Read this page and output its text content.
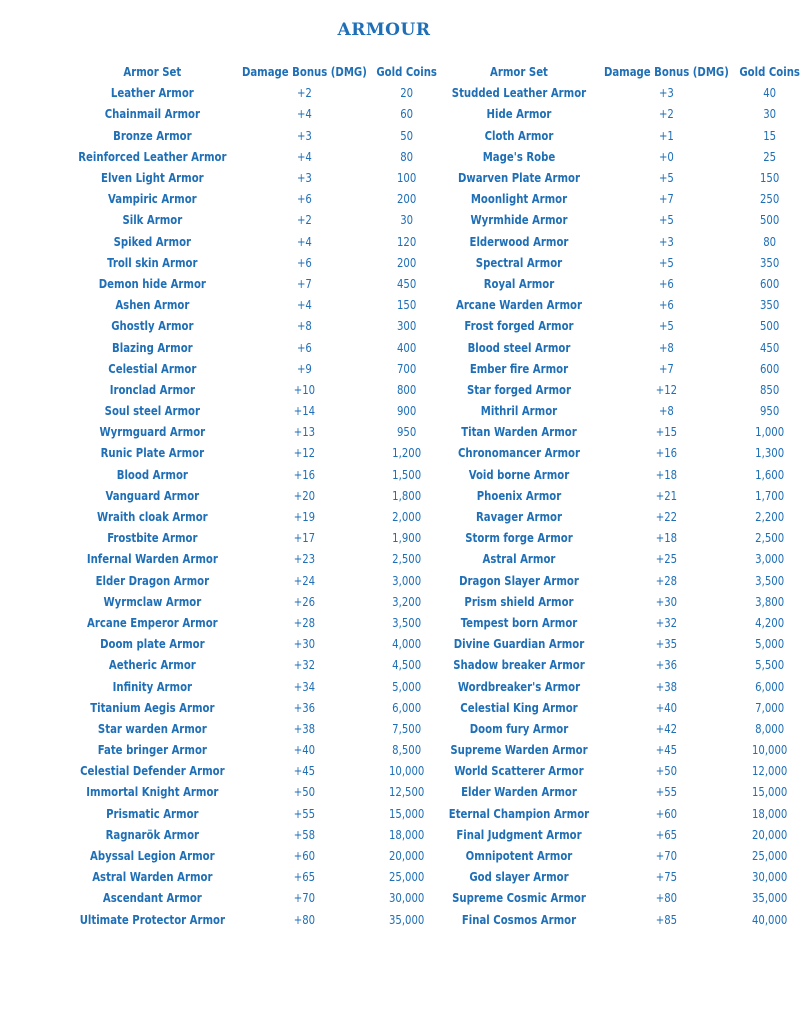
ARMOUR
Armor Set	Damage Bonus (DMG)	Gold Coins	Armor Set	Damage Bonus (DMG)	Gold Coins
Leather Armor	+2	20	Studded Leather Armor	+3	40
Chainmail Armor	+4	60	Hide Armor	+2	30
Bronze Armor	+3	50	Cloth Armor	+1	15
Reinforced Leather Armor	+4	80	Mage's Robe	+0	25
Elven Light Armor	+3	100	Dwarven Plate Armor	+5	150
Vampiric Armor	+6	200	Moonlight Armor	+7	250
Silk Armor	+2	30	Wyrmhide Armor	+5	500
Spiked Armor	+4	120	Elderwood Armor	+3	80
Troll skin Armor	+6	200	Spectral Armor	+5	350
Demon hide Armor	+7	450	Royal Armor	+6	600
Ashen Armor	+4	150	Arcane Warden Armor	+6	350
Ghostly Armor	+8	300	Frost forged Armor	+5	500
Blazing Armor	+6	400	Blood steel Armor	+8	450
Celestial Armor	+9	700	Ember fire Armor	+7	600
Ironclad Armor	+10	800	Star forged Armor	+12	850
Soul steel Armor	+14	900	Mithril Armor	+8	950
Wyrmguard Armor	+13	950	Titan Warden Armor	+15	1,000
Runic Plate Armor	+12	1,200	Chronomancer Armor	+16	1,300
Blood Armor	+16	1,500	Void borne Armor	+18	1,600
Vanguard Armor	+20	1,800	Phoenix Armor	+21	1,700
Wraith cloak Armor	+19	2,000	Ravager Armor	+22	2,200
Frostbite Armor	+17	1,900	Storm forge Armor	+18	2,500
Infernal Warden Armor	+23	2,500	Astral Armor	+25	3,000
Elder Dragon Armor	+24	3,000	Dragon Slayer Armor	+28	3,500
Wyrmclaw Armor	+26	3,200	Prism shield Armor	+30	3,800
Arcane Emperor Armor	+28	3,500	Tempest born Armor	+32	4,200
Doom plate Armor	+30	4,000	Divine Guardian Armor	+35	5,000
Aetheric Armor	+32	4,500	Shadow breaker Armor	+36	5,500
Infinity Armor	+34	5,000	Wordbreaker's Armor	+38	6,000
Titanium Aegis Armor	+36	6,000	Celestial King Armor	+40	7,000
Star warden Armor	+38	7,500	Doom fury Armor	+42	8,000
Fate bringer Armor	+40	8,500	Supreme Warden Armor	+45	10,000
Celestial Defender Armor	+45	10,000	World Scatterer Armor	+50	12,000
Immortal Knight Armor	+50	12,500	Elder Warden Armor	+55	15,000
Prismatic Armor	+55	15,000	Eternal Champion Armor	+60	18,000
Ragnarök Armor	+58	18,000	Final Judgment Armor	+65	20,000
Abyssal Legion Armor	+60	20,000	Omnipotent Armor	+70	25,000
Astral Warden Armor	+65	25,000	God slayer Armor	+75	30,000
Ascendant Armor	+70	30,000	Supreme Cosmic Armor	+80	35,000
Ultimate Protector Armor	+80	35,000	Final Cosmos Armor	+85	40,000
